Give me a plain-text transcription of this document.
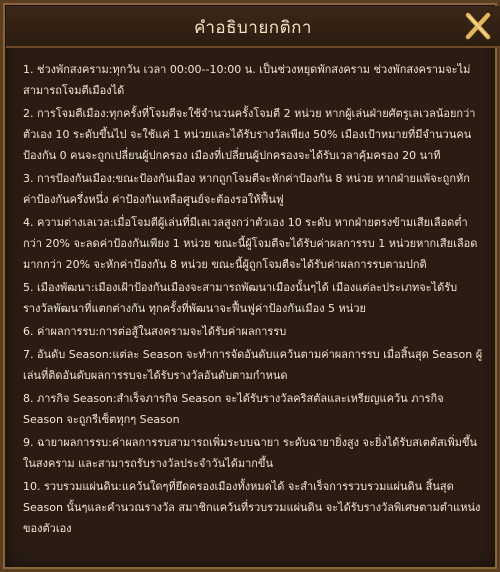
คำอธิบายกติกา

1. ช่วงพักสงคราม:ทุกวัน เวลา 00:00--10:00 น. เป็นช่วงหยุดพักสงคราม ช่วงพักสงครามจะไม่สามารถโจมตีเมืองได้

2. การโจมตีเมือง:ทุกครั้งที่โจมตีจะใช้จำนวนครั้งโจมตี 2 หน่วย หากผู้เล่นฝ่ายศัตรูเลเวลน้อยกว่าตัวเอง 10 ระดับขึ้นไป จะใช้แค่ 1 หน่วยและได้รับรางวัลเพียง 50% เมืองเป้าหมายที่มีจำนวนคนป้องกัน 0 คนจะถูกเปลี่ยนผู้ปกครอง เมืองที่เปลี่ยนผู้ปกครองจะได้รับเวลาคุ้มครอง 20 นาที

3. การป้องกันเมือง:ขณะป้องกันเมือง หากถูกโจมตีจะหักค่าป้องกัน 8 หน่วย หากฝ่ายแพ้จะถูกหักค่าป้องกันครึ่งหนึ่ง ค่าป้องกันเหลือศูนย์จะต้องรอให้ฟื้นฟู

4. ความต่างเลเวล:เมื่อโจมตีผู้เล่นที่มีเลเวลสูงกว่าตัวเอง 10 ระดับ หากฝ่ายตรงข้ามเสียเลือดต่ำกว่า 20% จะลดค่าป้องกันเพียง 1 หน่วย ขณะนี้ผู้โจมตีจะได้รับค่าผลการรบ 1 หน่วยหากเสียเลือดมากกว่า 20% จะหักค่าป้องกัน 8 หน่วย ขณะนี้ผู้ถูกโจมตีจะได้รับค่าผลการรบตามปกติ

5. เมืองพัฒนา:เมืองเฝ้าป้องกันเมืองจะสามารถพัฒนาเมืองนั้นๆได้ เมืองแต่ละประเภทจะได้รับรางวัลพัฒนาที่แตกต่างกัน ทุกครั้งที่พัฒนาจะฟื้นฟูค่าป้องกันเมือง 5 หน่วย

6. ค่าผลการรบ:การต่อสู้ในสงครามจะได้รับค่าผลการรบ

7. อันดับ Season:แต่ละ Season จะทำการจัดอันดับแคว้นตามค่าผลการรบ เมื่อสิ้นสุด Season ผู้เล่นที่ติดอันดับผลการรบจะได้รับรางวัลอันดับตามกำหนด

8. ภารกิจ Season:สำเร็จภารกิจ Season จะได้รับรางวัลคริสตัลและเหรียญแคว้น ภารกิจ Season จะถูกรีเซ็ตทุกๆ Season

9. ฉายาผลการรบ:ค่าผลการรบสามารถเพิ่มระบบฉายา ระดับฉายายิ่งสูง จะยิ่งได้รับสเตตัสเพิ่มขึ้นในสงคราม และสามารถรับรางวัลประจำวันได้มากขึ้น

10. รวบรวมแผ่นดิน:แคว้นใดๆที่ยึดครองเมืองทั้งหมดได้ จะสำเร็จการรวบรวมแผ่นดิน สิ้นสุด Season นั้นๆและคำนวณรางวัล สมาชิกแคว้นที่รวบรวมแผ่นดิน จะได้รับรางวัลพิเศษตามตำแหน่งของตัวเอง
